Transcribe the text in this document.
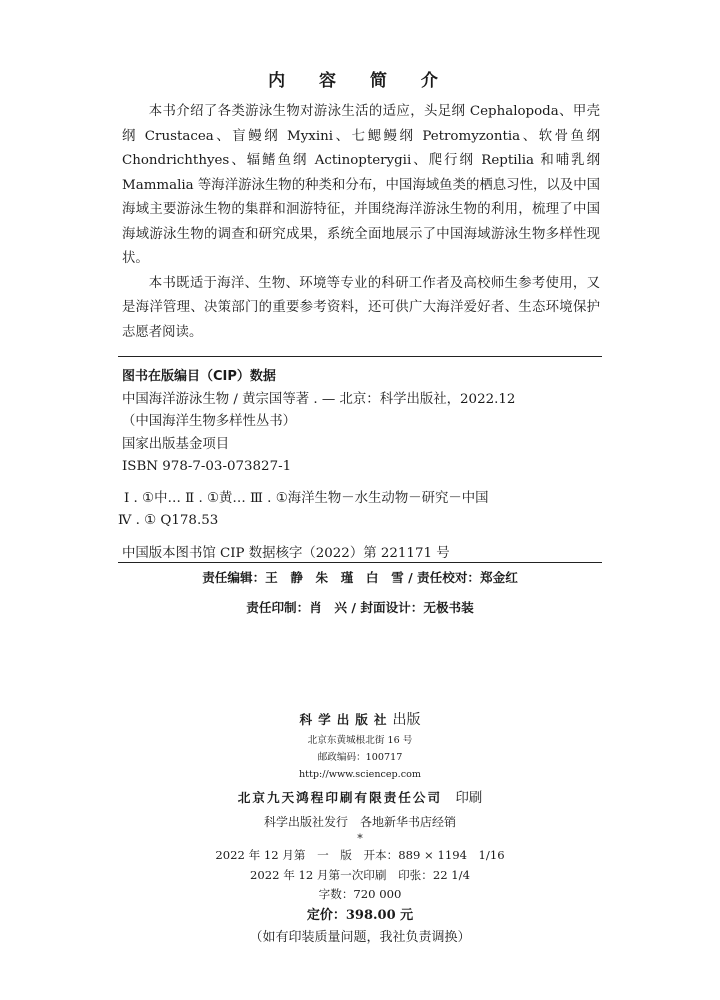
内 容 简 介

本书介绍了各类游泳生物对游泳生活的适应，头足纲 Cephalopoda、甲壳纲 Crustacea、盲鳗纲 Myxini、七鳃鳗纲 Petromyzontia、软骨鱼纲 Chondrichthyes、辐鳍鱼纲 Actinopterygii、爬行纲 Reptilia 和哺乳纲 Mammalia 等海洋游泳生物的种类和分布，中国海域鱼类的栖息习性，以及中国海域主要游泳生物的集群和洄游特征，并围绕海洋游泳生物的利用，梳理了中国海域游泳生物的调查和研究成果，系统全面地展示了中国海域游泳生物多样性现状。

本书既适于海洋、生物、环境等专业的科研工作者及高校师生参考使用，又是海洋管理、决策部门的重要参考资料，还可供广大海洋爱好者、生态环境保护志愿者阅读。

图书在版编目（CIP）数据
中国海洋游泳生物 / 黄宗国等著 . — 北京：科学出版社，2022.12
（中国海洋生物多样性丛书）
国家出版基金项目
ISBN 978-7-03-073827-1
Ⅰ . ①中… Ⅱ . ①黄… Ⅲ . ①海洋生物－水生动物－研究－中国
Ⅳ . ① Q178.53
中国版本图书馆 CIP 数据核字（2022）第 221171 号
责任编辑：王　静　朱　瑾　白　雪 / 责任校对：郑金红
责任印制：肖　兴 / 封面设计：无极书装
科学出版社出版
北京东黄城根北街 16 号
邮政编码：100717
http://www.sciencep.com
北京九天鸿程印刷有限责任公司　 印刷
科学出版社发行　各地新华书店经销
*
2022 年 12 月第　一　版　开本：889 × 1194　1/16
2022 年 12 月第一次印刷　印张：22 1/4
字数：720 000
定价：398.00 元
（如有印装质量问题，我社负责调换）
